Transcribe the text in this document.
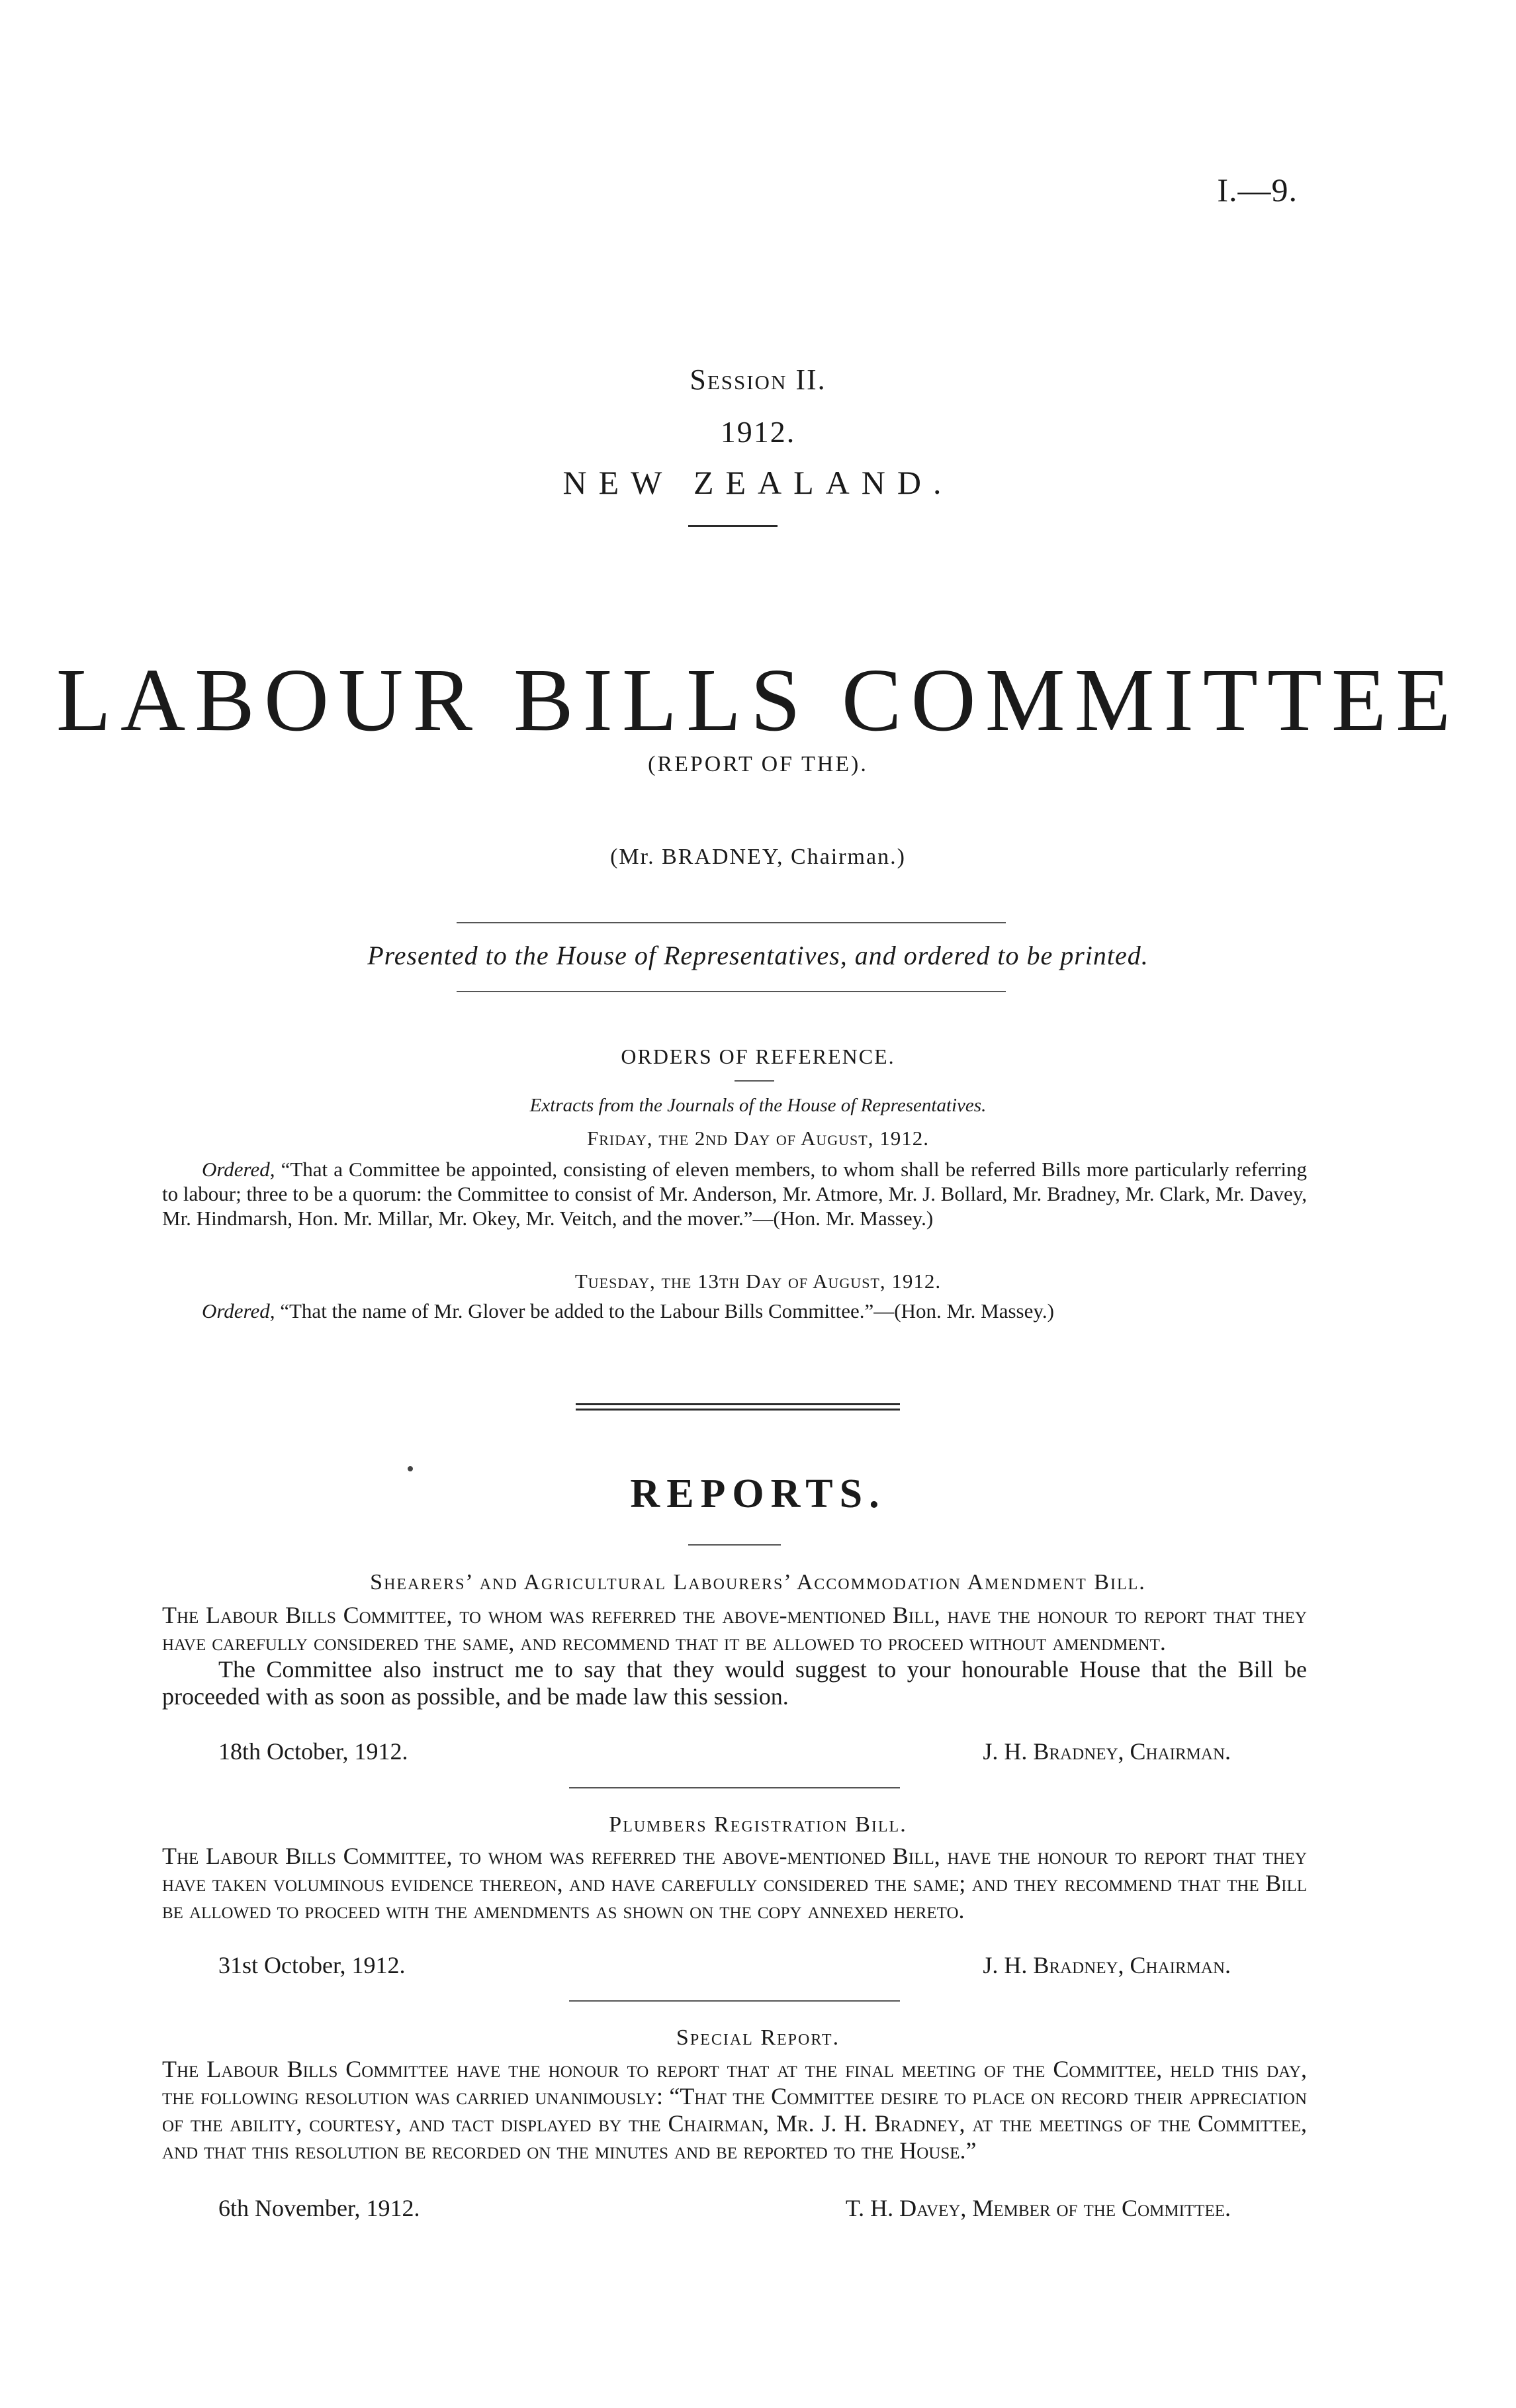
I.—9.
Session II.
1912.
NEW ZEALAND.
LABOUR BILLS COMMITTEE
(REPORT OF THE).
(Mr. BRADNEY, Chairman.)
Presented to the House of Representatives, and ordered to be printed.
ORDERS OF REFERENCE.
Extracts from the Journals of the House of Representatives.
Friday, the 2nd Day of August, 1912.
Ordered, “That a Committee be appointed, consisting of eleven members, to whom shall be referred Bills more particularly referring to labour; three to be a quorum: the Committee to consist of Mr. Anderson, Mr. Atmore, Mr. J. Bollard, Mr. Bradney, Mr. Clark, Mr. Davey, Mr. Hindmarsh, Hon. Mr. Millar, Mr. Okey, Mr. Veitch, and the mover.”—(Hon. Mr. Massey.)
Tuesday, the 13th Day of August, 1912.
Ordered, “That the name of Mr. Glover be added to the Labour Bills Committee.”—(Hon. Mr. Massey.)
REPORTS.
Shearers’ and Agricultural Labourers’ Accommodation Amendment Bill.
The Labour Bills Committee, to whom was referred the above-mentioned Bill, have the honour to report that they have carefully considered the same, and recommend that it be allowed to proceed without amendment.
The Committee also instruct me to say that they would suggest to your honourable House that the Bill be proceeded with as soon as possible, and be made law this session.
18th October, 1912.	J. H. Bradney, Chairman.
Plumbers Registration Bill.
The Labour Bills Committee, to whom was referred the above-mentioned Bill, have the honour to report that they have taken voluminous evidence thereon, and have carefully considered the same; and they recommend that the Bill be allowed to proceed with the amendments as shown on the copy annexed hereto.
31st October, 1912.	J. H. Bradney, Chairman.
Special Report.
The Labour Bills Committee have the honour to report that at the final meeting of the Committee, held this day, the following resolution was carried unanimously: “That the Committee desire to place on record their appreciation of the ability, courtesy, and tact displayed by the Chairman, Mr. J. H. Bradney, at the meetings of the Committee, and that this resolution be recorded on the minutes and be reported to the House.”
6th November, 1912.	T. H. Davey, Member of the Committee.
